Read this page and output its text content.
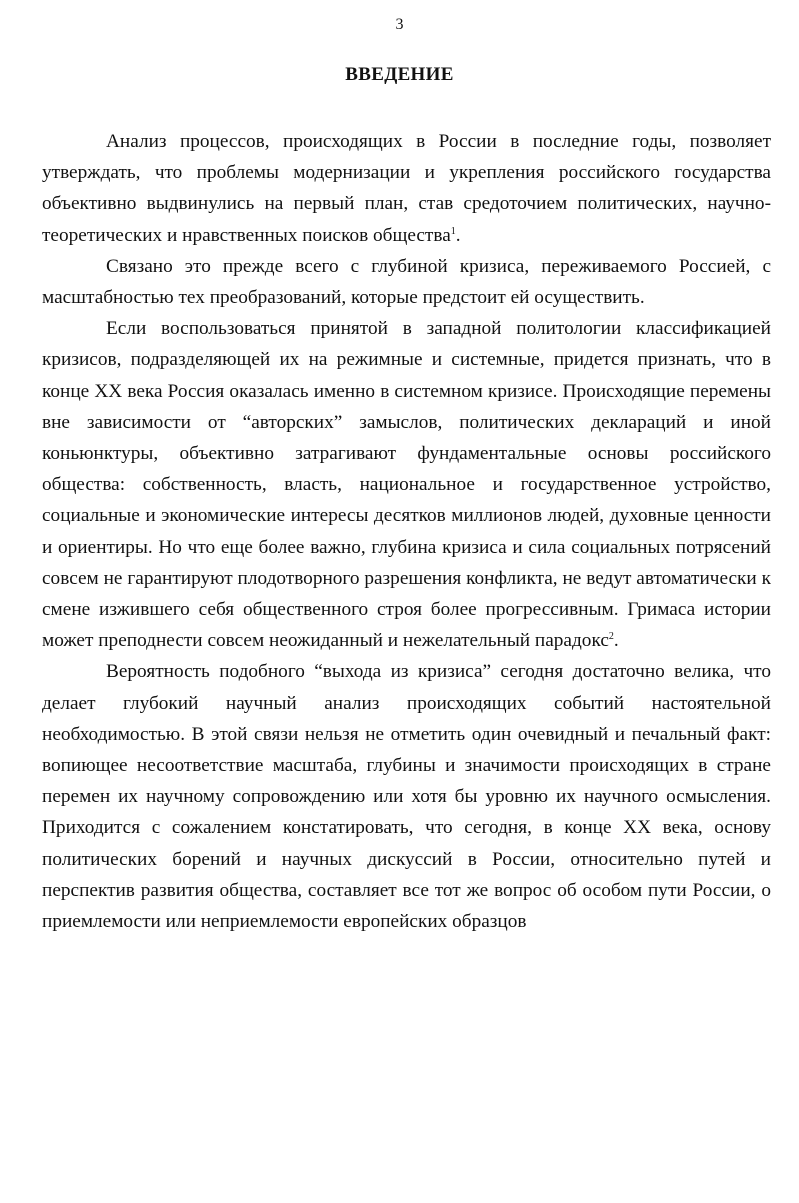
3
ВВЕДЕНИЕ

Анализ процессов, происходящих в России в последние годы, позволяет утверждать, что проблемы модернизации и укрепления российского государства объективно выдвинулись на первый план, став средоточием политических, научно-теоретических и нравственных поисков общества$^1$.

Связано это прежде всего с глубиной кризиса, переживаемого Россией, с масштабностью тех преобразований, которые предстоит ей осуществить.

Если воспользоваться принятой в западной политологии классификацией кризисов, подразделяющей их на режимные и системные, придется признать, что в конце XX века Россия оказалась именно в системном кризисе. Происходящие перемены вне зависимости от “авторских” замыслов, политических деклараций и иной коньюнктуры, объективно затрагивают фундаментальные основы российского общества: собственность, власть, национальное и государственное устройство, социальные и экономические интересы десятков миллионов людей, духовные ценности и ориентиры. Но что еще более важно, глубина кризиса и сила социальных потрясений совсем не гарантируют плодотворного разрешения конфликта, не ведут автоматически к смене изжившего себя общественного строя более прогрессивным. Гримаса истории может преподнести совсем неожиданный и нежелательный парадокс$^2$.

Вероятность подобного “выхода из кризиса” сегодня достаточно велика, что делает глубокий научный анализ происходящих событий настоятельной необходимостью. В этой связи нельзя не отметить один очевидный и печальный факт: вопиющее несоответствие масштаба, глубины и значимости происходящих в стране перемен их научному сопровождению или хотя бы уровню их научного осмысления. Приходится с сожалением констатировать, что сегодня, в конце XX века, основу политических борений и научных дискуссий в России, относительно путей и перспектив развития общества, составляет все тот же вопрос об особом пути России, о приемлемости или неприемлемости европейских образцов
